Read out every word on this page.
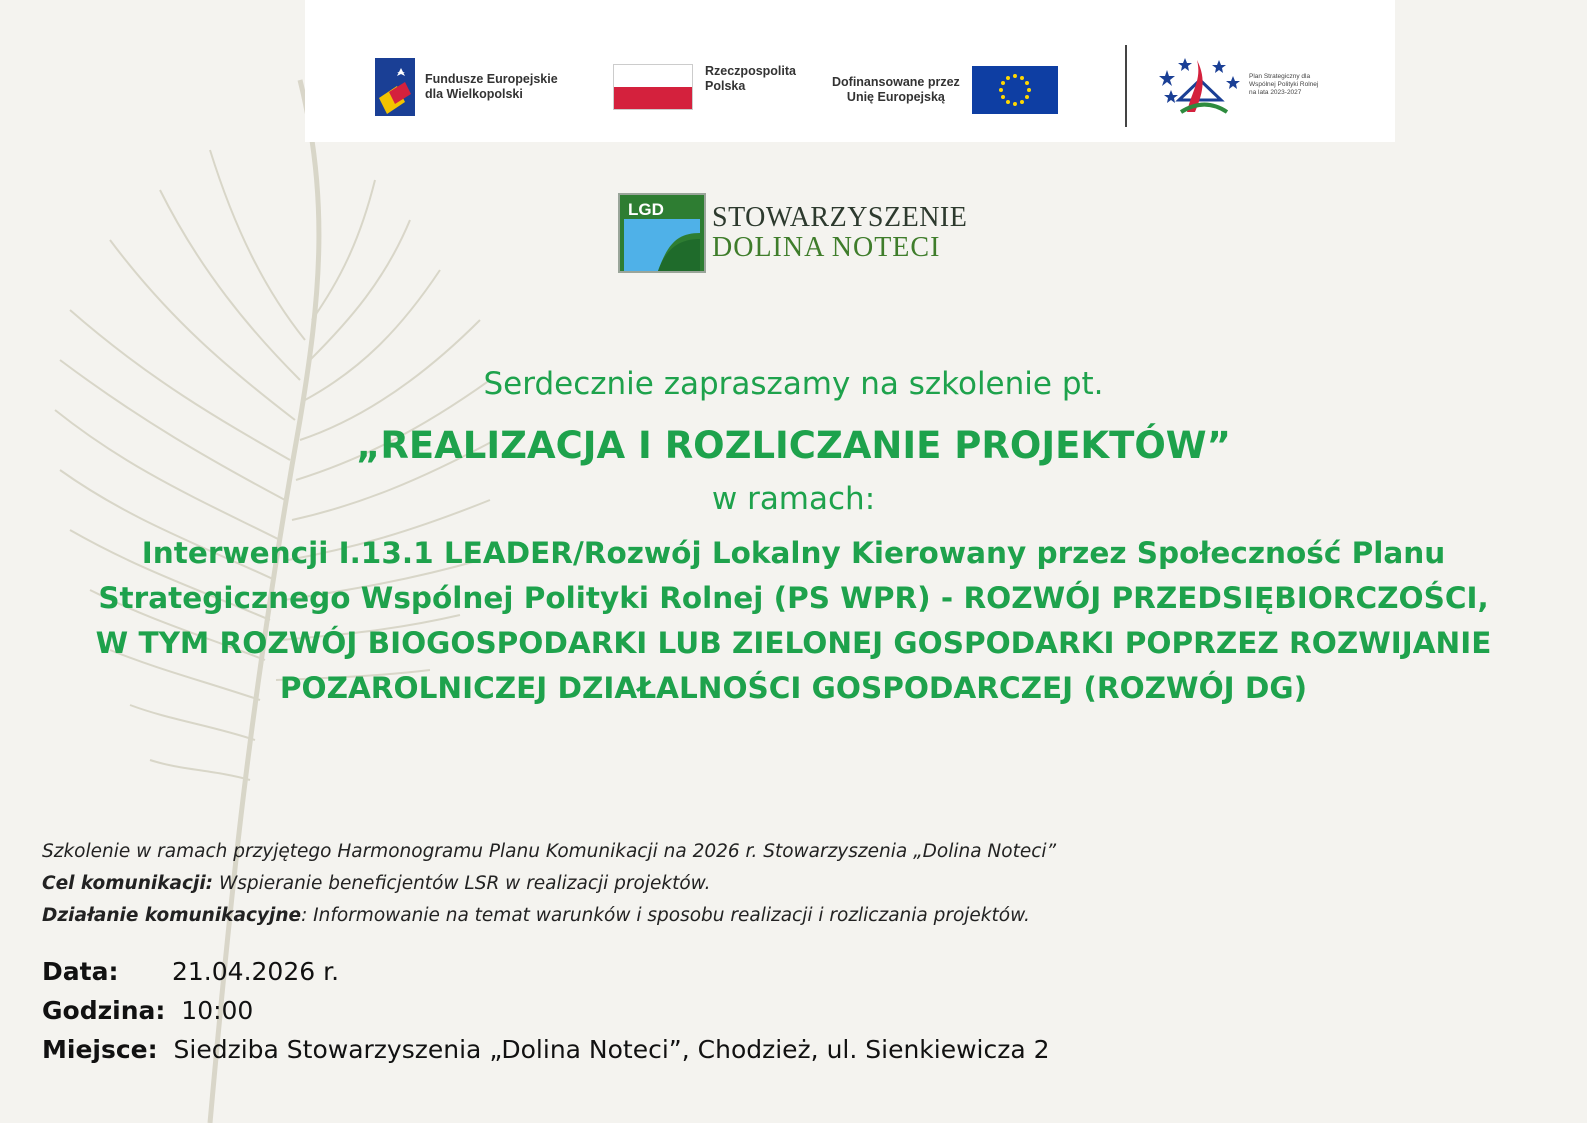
Fundusze Europejskie
dla Wielkopolski
Rzeczpospolita
Polska	Dofinansowane przez
Unię Europejską
Plan Strategiczny dla Wspólnej Polityki Rolnej na lata 2023-2027
LGD STOWARZYSZENIE
DOLINA NOTECI
Serdecznie zapraszamy na szkolenie pt.
„REALIZACJA I ROZLICZANIE PROJEKTÓW”
w ramach:
Interwencji I.13.1 LEADER/Rozwój Lokalny Kierowany przez Społeczność Planu
Strategicznego Wspólnej Polityki Rolnej (PS WPR) - ROZWÓJ PRZEDSIĘBIORCZOŚCI,
W TYM ROZWÓJ BIOGOSPODARKI LUB ZIELONEJ GOSPODARKI POPRZEZ ROZWIJANIE
POZAROLNICZEJ DZIAŁALNOŚCI GOSPODARCZEJ (ROZWÓJ DG)
Szkolenie w ramach przyjętego Harmonogramu Planu Komunikacji na 2026 r. Stowarzyszenia „Dolina Noteci”
Cel komunikacji: Wspieranie beneficjentów LSR w realizacji projektów.
Działanie komunikacyjne: Informowanie na temat warunków i sposobu realizacji i rozliczania projektów.
Data: 21.04.2026 r.
Godzina: 10:00
Miejsce: Siedziba Stowarzyszenia „Dolina Noteci”, Chodzież, ul. Sienkiewicza 2
